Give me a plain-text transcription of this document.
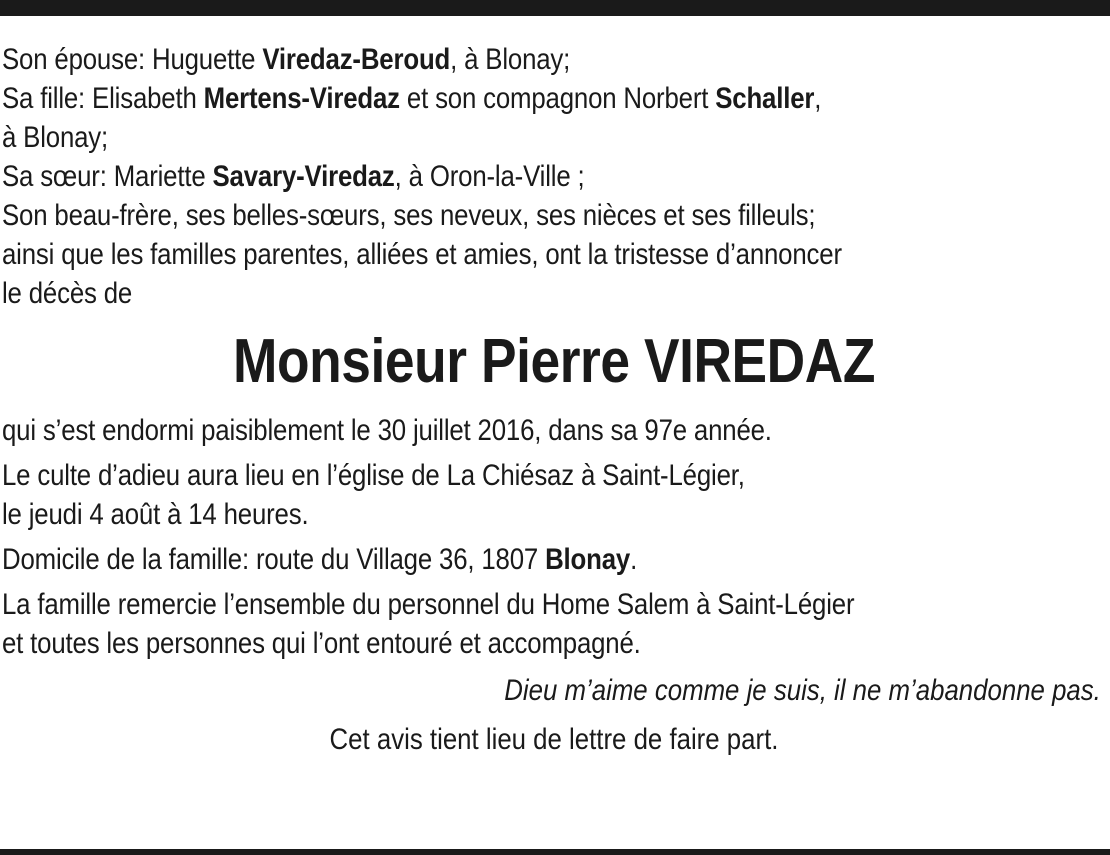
Son épouse: Huguette Viredaz-Beroud, à Blonay;
Sa fille: Elisabeth Mertens-Viredaz et son compagnon Norbert Schaller,
à Blonay;
Sa sœur: Mariette Savary-Viredaz, à Oron-la-Ville ;
Son beau-frère, ses belles-sœurs, ses neveux, ses nièces et ses filleuls;
ainsi que les familles parentes, alliées et amies, ont la tristesse d’annoncer
le décès de
Monsieur Pierre VIREDAZ
qui s’est endormi paisiblement le 30 juillet 2016, dans sa 97e année.
Le culte d’adieu aura lieu en l’église de La Chiésaz à Saint-Légier,
le jeudi 4 août à 14 heures.
Domicile de la famille: route du Village 36, 1807 Blonay.
La famille remercie l’ensemble du personnel du Home Salem à Saint-Légier
et toutes les personnes qui l’ont entouré et accompagné.
Dieu m’aime comme je suis, il ne m’abandonne pas.
Cet avis tient lieu de lettre de faire part.
